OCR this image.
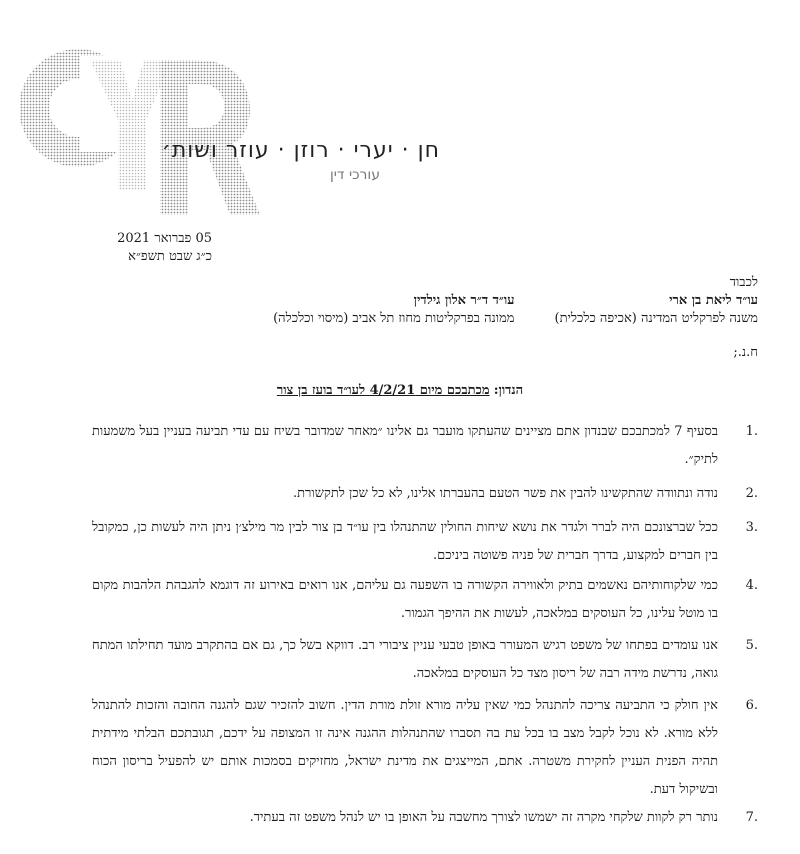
חן · יערי · רוזן · עוזר ושות׳
עורכי דין
05 פברואר 2021
כ״ג שבט תשפ״א
לכבוד
עו״ד ליאת בן ארי
משנה לפרקליט המדינה (אכיפה כלכלית)
עו״ד ד״ר אלון גילדין
ממונה בפרקליטות מחוז תל אביב (מיסוי וכלכלה)
ח.נ.;
הנדון: מכתבכם מיום 4/2/21 לעו״ד בועז בן צור
1.
בסעיף 7 למכתבכם שבנדון אתם מציינים שהעתקו מועבר גם אלינו ״מאחר שמדובר בשיח עם עדי תביעה בעניין בעל משמעות לתיק״.
2.
נודה ונתוודה שהתקשינו להבין את פשר הטעם בהעברתו אלינו, לא כל שכן לתקשורת.
3.
ככל שברצונכם היה לברר ולגדר את נושא שיחות החולין שהתנהלו בין עו״ד בן צור לבין מר מילצ׳ן ניתן היה לעשות כן, כמקובל בין חברים למקצוע, בדרך חברית של פניה פשוטה ביניכם.
4.
כמי שלקוחותיהם נאשמים בתיק ולאווירה הקשורה בו השפעה גם עליהם, אנו רואים באירוע זה דוגמא להגבהת הלהבות מקום בו מוטל עלינו, כל העוסקים במלאכה, לעשות את ההיפך הגמור.
5.
אנו עומדים בפתחו של משפט רגיש המעורר באופן טבעי עניין ציבורי רב. דווקא בשל כך, גם אם בהתקרב מועד תחילתו המתח גואה, נדרשת מידה רבה של ריסון מצד כל העוסקים במלאכה.
6.
אין חולק כי התביעה צריכה להתנהל כמי שאין עליה מורא זולת מורת הדין. חשוב להזכיר שגם להגנה החובה והזכות להתנהל ללא מורא. לא נוכל לקבל מצב בו בכל עת בה תסברו שהתנהלות ההגנה אינה זו המצופה על ידכם, תגובתכם הבלתי מידתית תהיה הפנית העניין לחקירת משטרה. אתם, המייצגים את מדינת ישראל, מחזיקים בסמכות אותם יש להפעיל בריסון הכוח ובשיקול דעת.
7.
נותר רק לקוות שלקחי מקרה זה ישמשו לצורך מחשבה על האופן בו יש לנהל משפט זה בעתיד.
